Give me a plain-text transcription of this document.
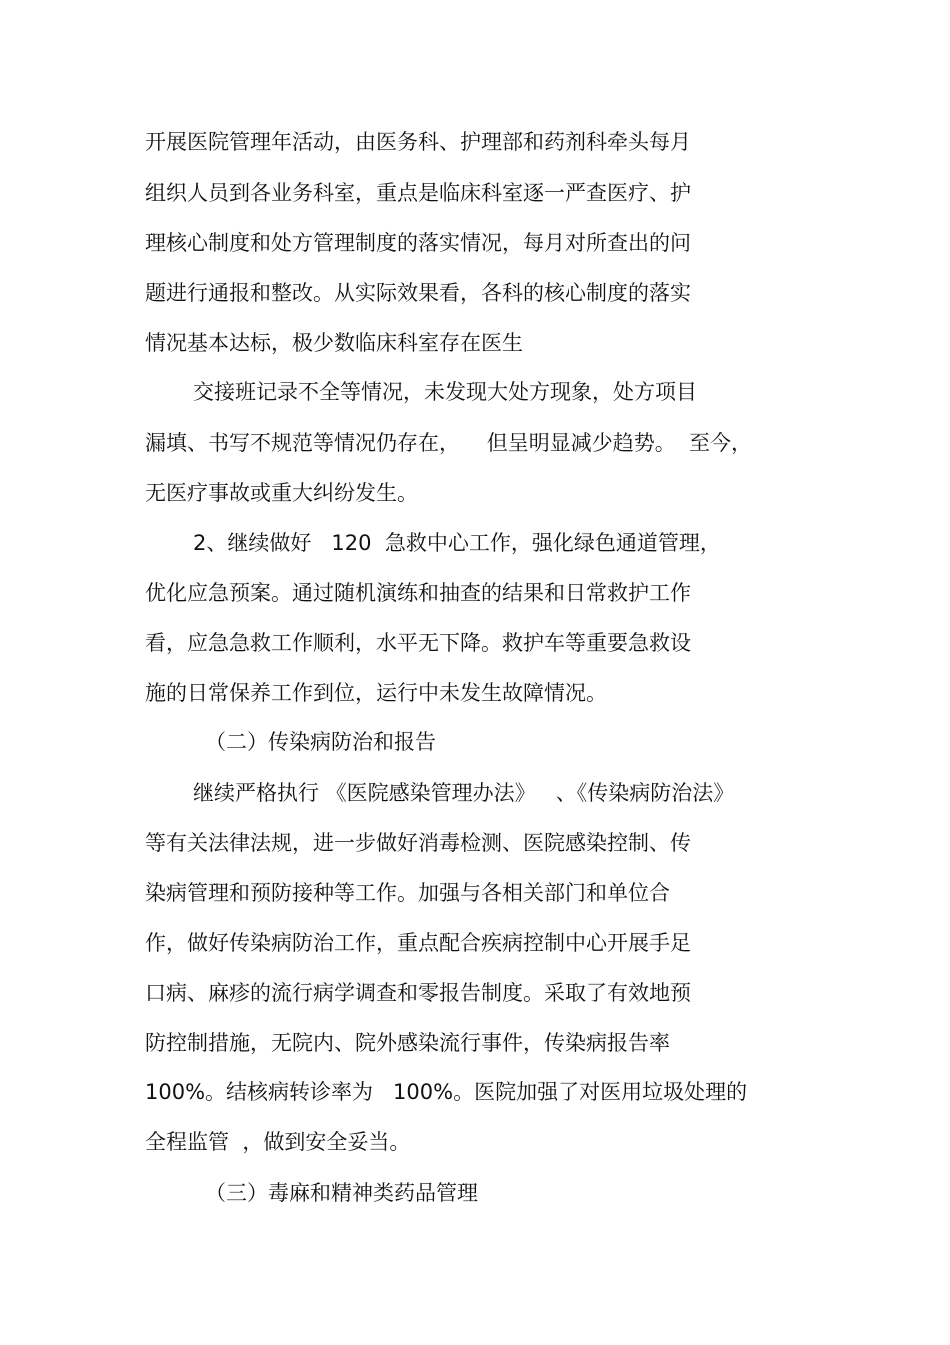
开展医院管理年活动，由医务科、护理部和药剂科牵头每月
组织人员到各业务科室，重点是临床科室逐一严查医疗、护
理核心制度和处方管理制度的落实情况，每月对所查出的问
题进行通报和整改。从实际效果看，各科的核心制度的落实
情况基本达标，极少数临床科室存在医生
交接班记录不全等情况，未发现大处方现象，处方项目
漏填、书写不规范等情况仍存在，    但呈明显减少趋势。  至今，
无医疗事故或重大纠纷发生。
2、继续做好   120  急救中心工作，强化绿色通道管理，
优化应急预案。通过随机演练和抽查的结果和日常救护工作
看，应急急救工作顺利，水平无下降。救护车等重要急救设
施的日常保养工作到位，运行中未发生故障情况。
（二）传染病防治和报告
继续严格执行 《医院感染管理办法》   、《传染病防治法》
等有关法律法规，进一步做好消毒检测、医院感染控制、传
染病管理和预防接种等工作。加强与各相关部门和单位合
作，做好传染病防治工作，重点配合疾病控制中心开展手足
口病、麻疹的流行病学调查和零报告制度。采取了有效地预
防控制措施，无院内、院外感染流行事件，传染病报告率
100%。结核病转诊率为   100%。医院加强了对医用垃圾处理的
全程监管  ，做到安全妥当。
（三）毒麻和精神类药品管理
